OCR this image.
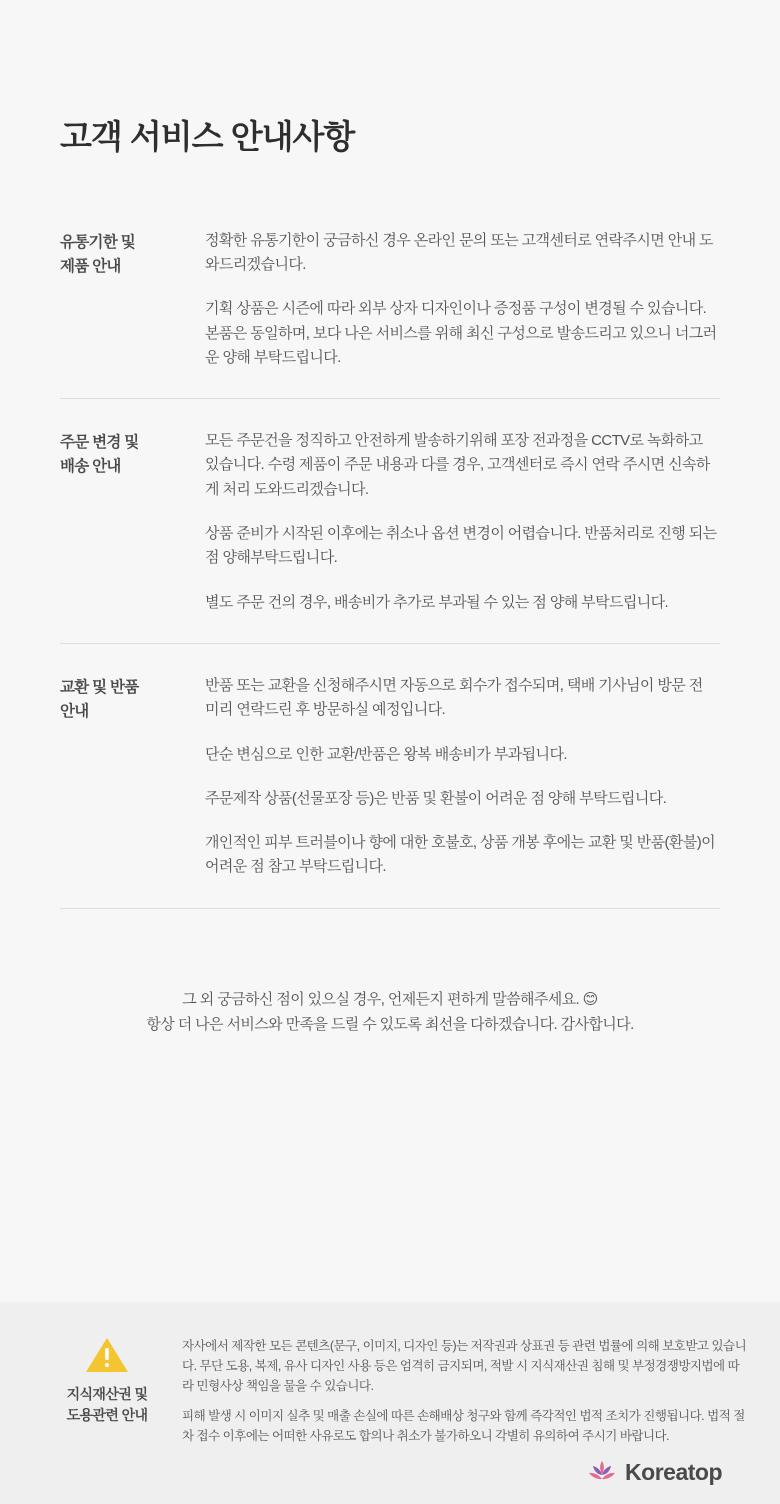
고객 서비스 안내사항
유통기한 및
제품 안내

정확한 유통기한이 궁금하신 경우 온라인 문의 또는 고객센터로 연락주시면 안내 도와드리겠습니다.

기획 상품은 시즌에 따라 외부 상자 디자인이나 증정품 구성이 변경될 수 있습니다. 본품은 동일하며, 보다 나은 서비스를 위해 최신 구성으로 발송드리고 있으니 너그러운 양해 부탁드립니다.

주문 변경 및
배송 안내

모든 주문건을 정직하고 안전하게 발송하기위해 포장 전과정을 CCTV로 녹화하고 있습니다. 수령 제품이 주문 내용과 다를 경우, 고객센터로 즉시 연락 주시면 신속하게 처리 도와드리겠습니다.

상품 준비가 시작된 이후에는 취소나 옵션 변경이 어렵습니다. 반품처리로 진행 되는점 양해부탁드립니다.

별도 주문 건의 경우, 배송비가 추가로 부과될 수 있는 점 양해 부탁드립니다.

교환 및 반품
안내

반품 또는 교환을 신청해주시면 자동으로 회수가 접수되며, 택배 기사님이 방문 전 미리 연락드린 후 방문하실 예정입니다.

단순 변심으로 인한 교환/반품은 왕복 배송비가 부과됩니다.

주문제작 상품(선물포장 등)은 반품 및 환불이 어려운 점 양해 부탁드립니다.

개인적인 피부 트러블이나 향에 대한 호불호, 상품 개봉 후에는 교환 및 반품(환불)이 어려운 점 참고 부탁드립니다.

그 외 궁금하신 점이 있으실 경우, 언제든지 편하게 말씀해주세요. 😊
항상 더 나은 서비스와 만족을 드릴 수 있도록 최선을 다하겠습니다. 감사합니다.
지식재산권 및
도용관련 안내

자사에서 제작한 모든 콘텐츠(문구, 이미지, 디자인 등)는 저작권과 상표권 등 관련 법률에 의해 보호받고 있습니다. 무단 도용, 복제, 유사 디자인 사용 등은 엄격히 금지되며, 적발 시 지식재산권 침해 및 부정경쟁방지법에 따라 민형사상 책임을 물을 수 있습니다.

피해 발생 시 이미지 실추 및 매출 손실에 따른 손해배상 청구와 함께 즉각적인 법적 조치가 진행됩니다. 법적 절차 접수 이후에는 어떠한 사유로도 합의나 취소가 불가하오니 각별히 유의하여 주시기 바랍니다.

Koreatop
